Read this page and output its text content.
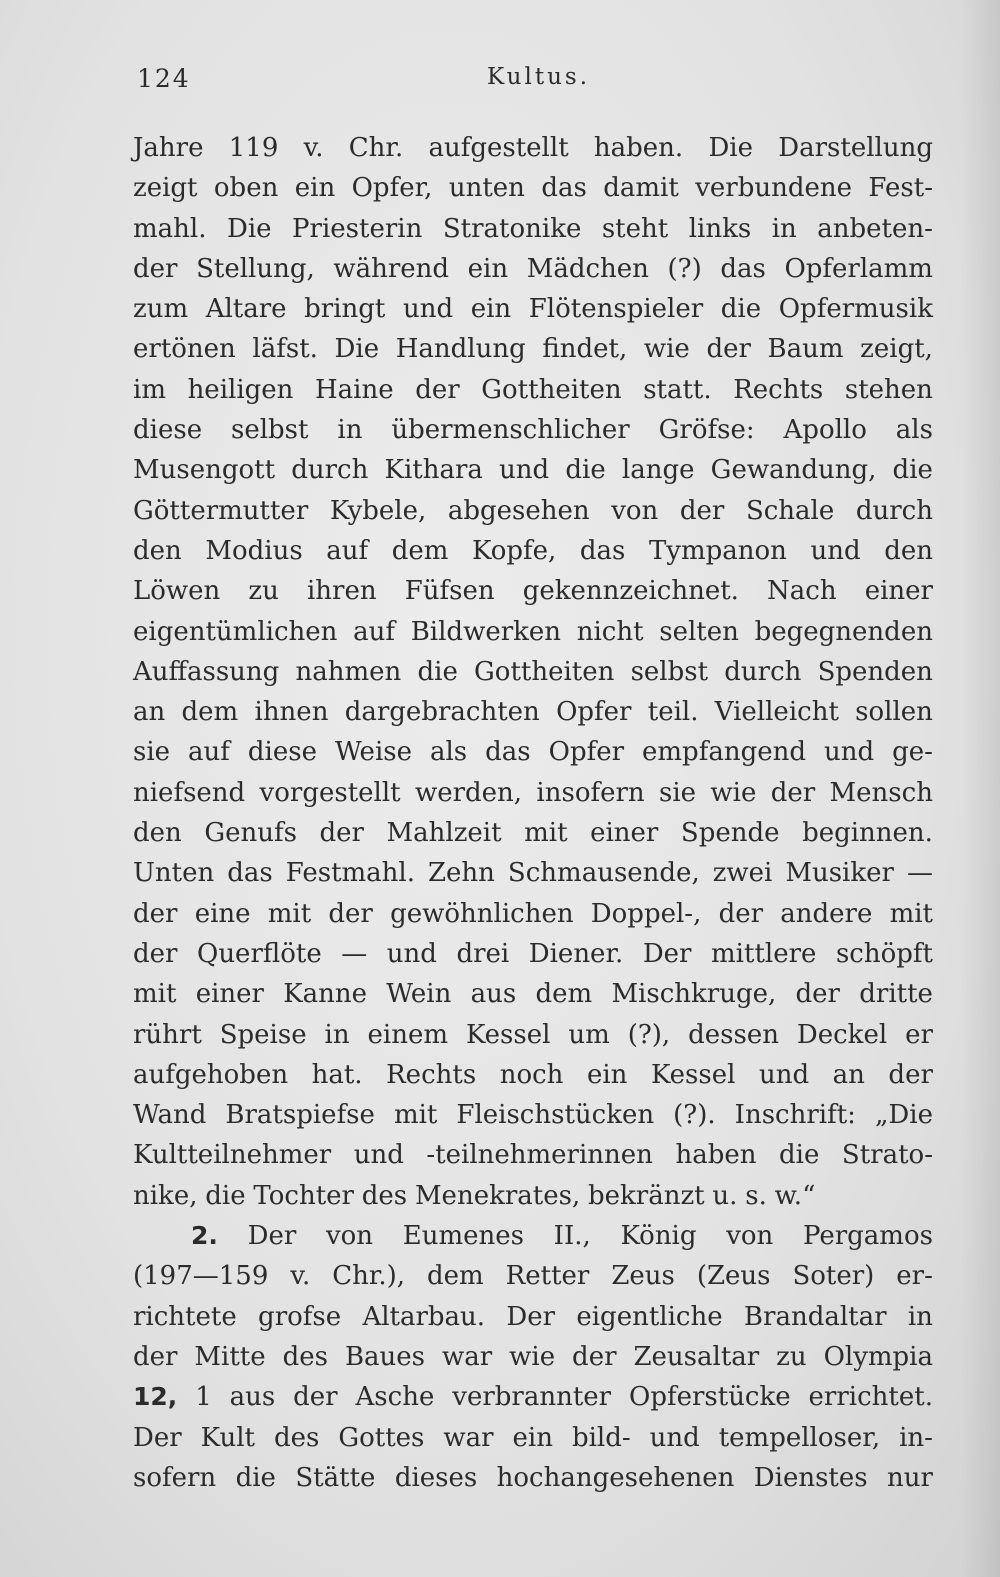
124	Kultus.
Jahre 119 v. Chr. aufgestellt haben. Die Darstellung
zeigt oben ein Opfer, unten das damit verbundene Fest-
mahl. Die Priesterin Stratonike steht links in anbeten-
der Stellung, während ein Mädchen (?) das Opferlamm
zum Altare bringt und ein Flötenspieler die Opfermusik
ertönen läfst. Die Handlung findet, wie der Baum zeigt,
im heiligen Haine der Gottheiten statt. Rechts stehen
diese selbst in übermenschlicher Gröfse: Apollo als
Musengott durch Kithara und die lange Gewandung, die
Göttermutter Kybele, abgesehen von der Schale durch
den Modius auf dem Kopfe, das Tympanon und den
Löwen zu ihren Füfsen gekennzeichnet. Nach einer
eigentümlichen auf Bildwerken nicht selten begegnenden
Auffassung nahmen die Gottheiten selbst durch Spenden
an dem ihnen dargebrachten Opfer teil. Vielleicht sollen
sie auf diese Weise als das Opfer empfangend und ge-
niefsend vorgestellt werden, insofern sie wie der Mensch
den Genufs der Mahlzeit mit einer Spende beginnen.
Unten das Festmahl. Zehn Schmausende, zwei Musiker —
der eine mit der gewöhnlichen Doppel-, der andere mit
der Querflöte — und drei Diener. Der mittlere schöpft
mit einer Kanne Wein aus dem Mischkruge, der dritte
rührt Speise in einem Kessel um (?), dessen Deckel er
aufgehoben hat. Rechts noch ein Kessel und an der
Wand Bratspiefse mit Fleischstücken (?). Inschrift: „Die
Kultteilnehmer und -teilnehmerinnen haben die Strato-
nike, die Tochter des Menekrates, bekränzt u. s. w.“
2. Der von Eumenes II., König von Pergamos
(197—159 v. Chr.), dem Retter Zeus (Zeus Soter) er-
richtete grofse Altarbau. Der eigentliche Brandaltar in
der Mitte des Baues war wie der Zeusaltar zu Olympia
12, 1 aus der Asche verbrannter Opferstücke errichtet.
Der Kult des Gottes war ein bild- und tempelloser, in-
sofern die Stätte dieses hochangesehenen Dienstes nur
